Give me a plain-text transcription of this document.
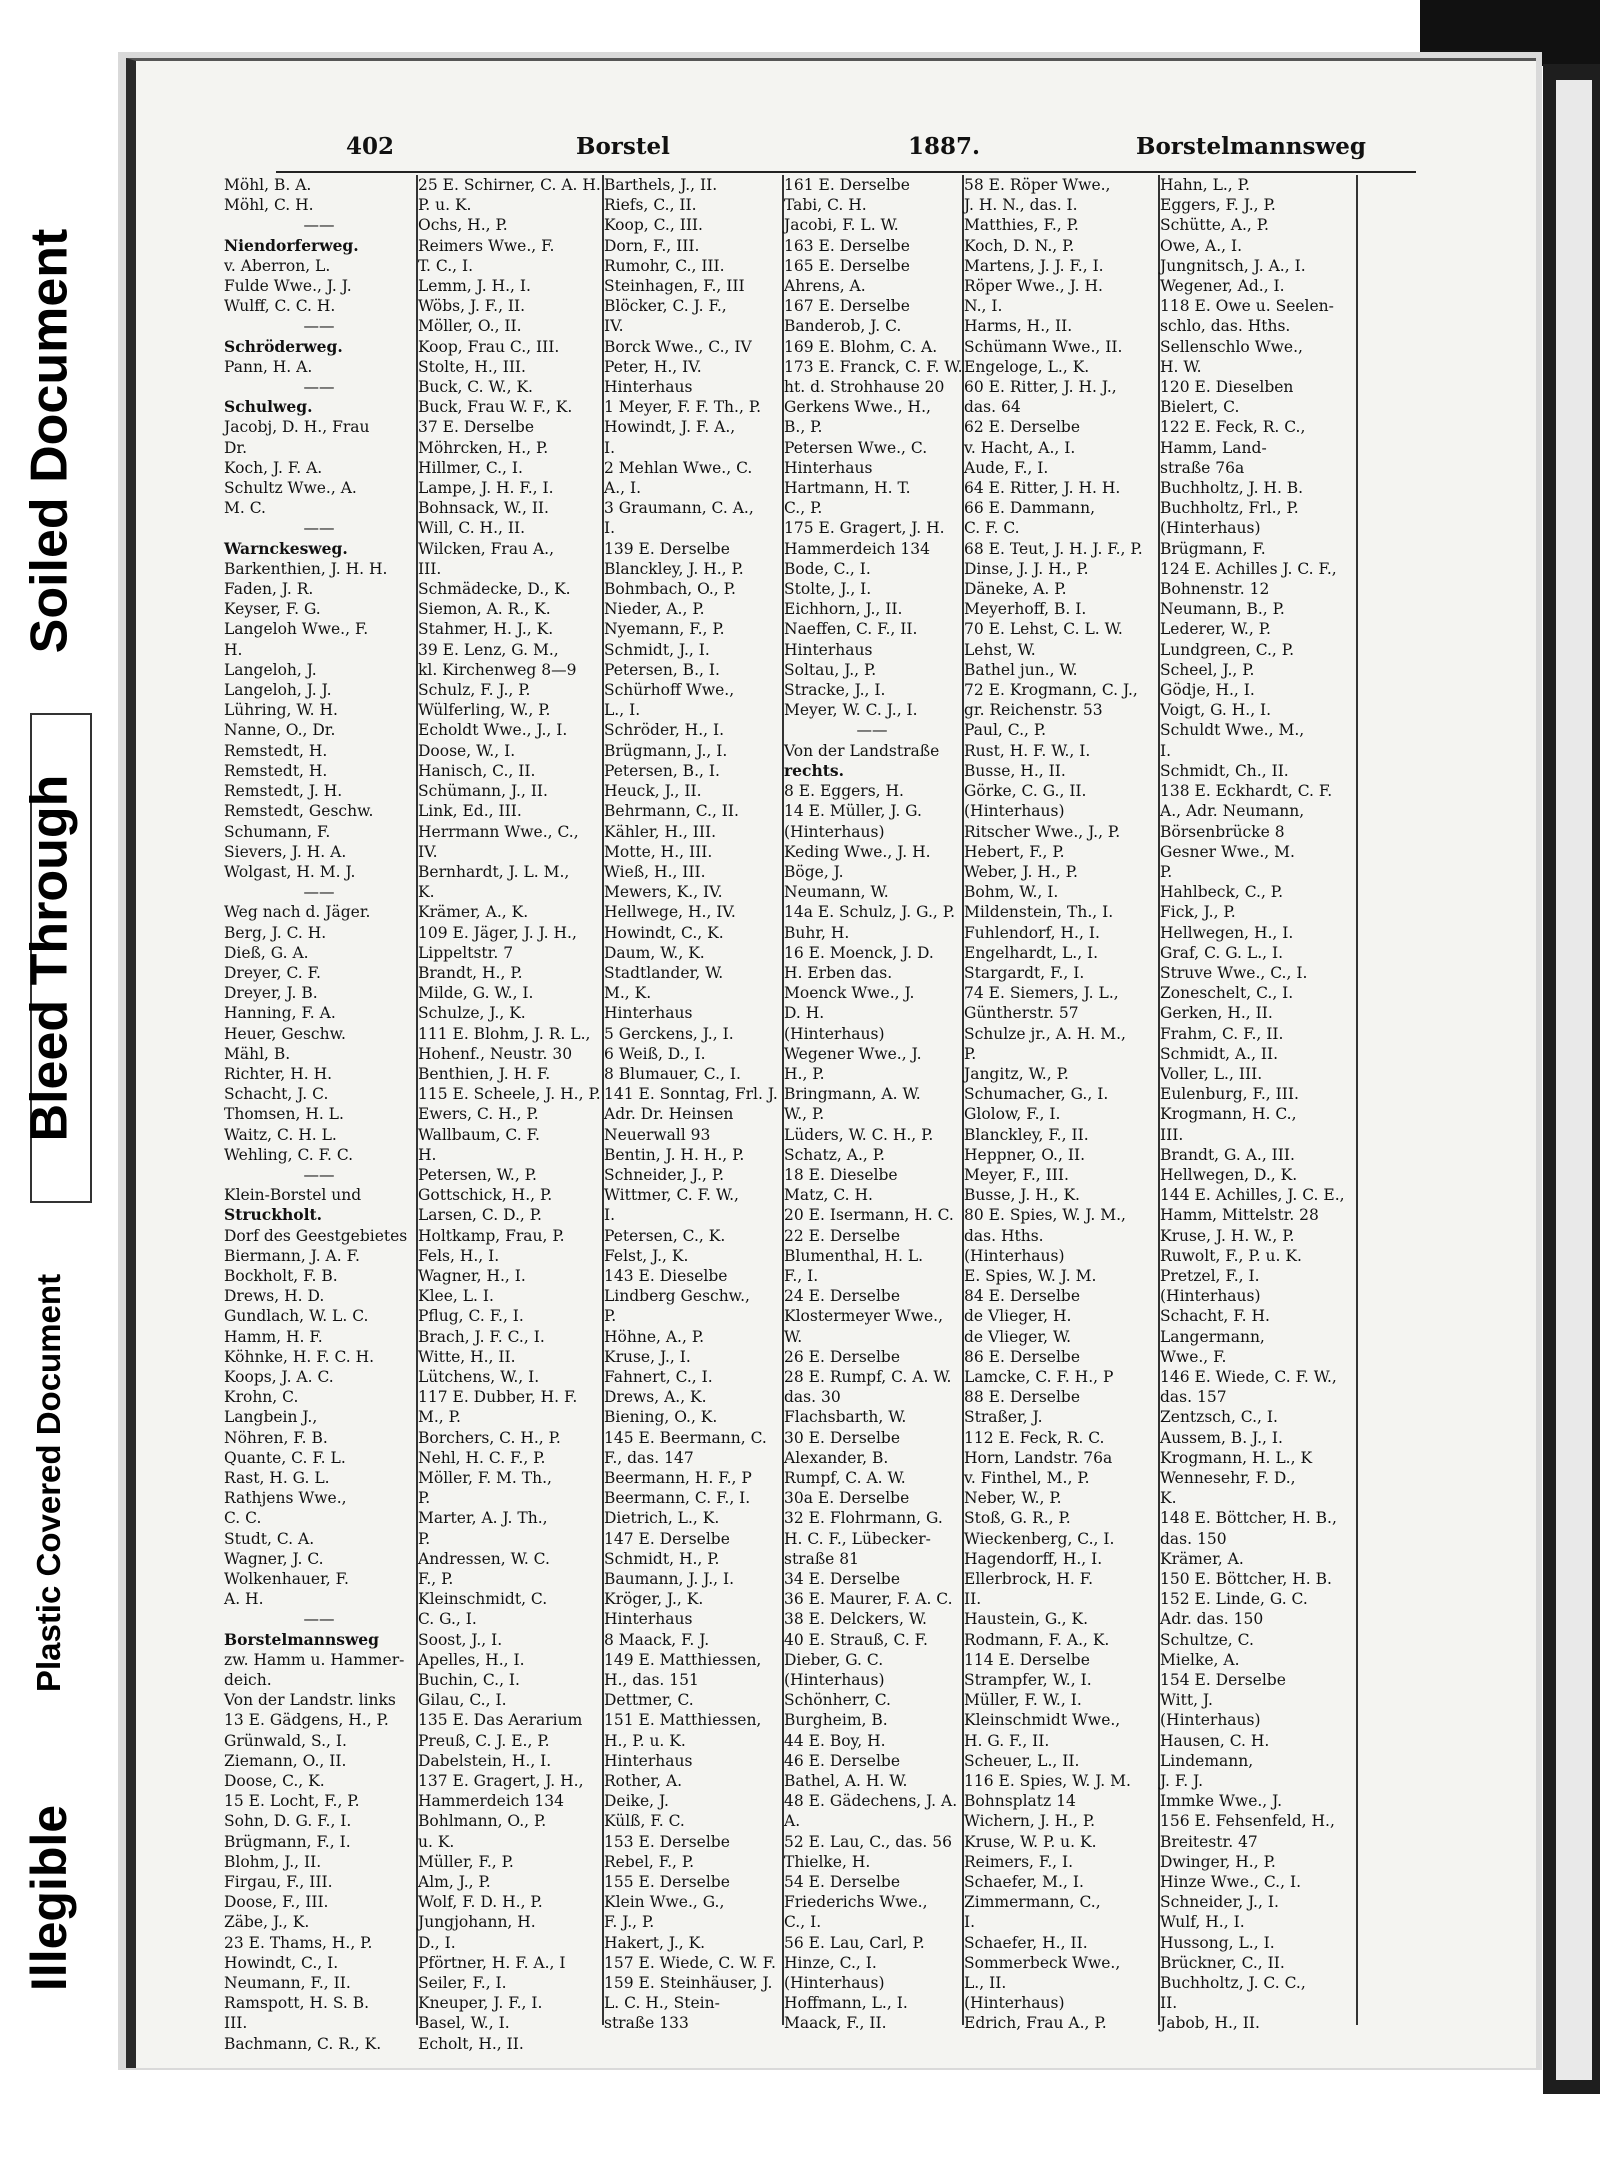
Soiled Document
Bleed Through
Plastic Covered Document
Illegible
402	Borstel	1887.	Borstelmannsweg
Möhl, B. A.
Möhl, C. H.
——
Niendorferweg.
v. Aberron, L.
Fulde Wwe., J. J.
Wulff, C. C. H.
——
Schröderweg.
Pann, H. A.
——
Schulweg.
Jacobj, D. H., Frau
Dr.
Koch, J. F. A.
Schultz Wwe., A.
M. C.
——
Warnckesweg.
Barkenthien, J. H. H.
Faden, J. R.
Keyser, F. G.
Langeloh Wwe., F.
H.
Langeloh, J.
Langeloh, J. J.
Lühring, W. H.
Nanne, O., Dr.
Remstedt, H.
Remstedt, H.
Remstedt, J. H.
Remstedt, Geschw.
Schumann, F.
Sievers, J. H. A.
Wolgast, H. M. J.
——
Weg nach d. Jäger.
Berg, J. C. H.
Dieß, G. A.
Dreyer, C. F.
Dreyer, J. B.
Hanning, F. A.
Heuer, Geschw.
Mähl, B.
Richter, H. H.
Schacht, J. C.
Thomsen, H. L.
Waitz, C. H. L.
Wehling, C. F. C.
——
Klein-Borstel und
Struckholt.
Dorf des Geestgebietes
Biermann, J. A. F.
Bockholt, F. B.
Drews, H. D.
Gundlach, W. L. C.
Hamm, H. F.
Köhnke, H. F. C. H.
Koops, J. A. C.
Krohn, C.
Langbein J.,
Nöhren, F. B.
Quante, C. F. L.
Rast, H. G. L.
Rathjens Wwe.,
C. C.
Studt, C. A.
Wagner, J. C.
Wolkenhauer, F.
A. H.
——
Borstelmannsweg
zw. Hamm u. Hammer-
deich.
Von der Landstr. links
13 E. Gädgens, H., P.
Grünwald, S., I.
Ziemann, O., II.
Doose, C., K.
15 E. Locht, F., P.
Sohn, D. G. F., I.
Brügmann, F., I.
Blohm, J., II.
Firgau, F., III.
Doose, F., III.
Zäbe, J., K.
23 E. Thams, H., P.
Howindt, C., I.
Neumann, F., II.
Ramspott, H. S. B.
III.
Bachmann, C. R., K.
25 E. Schirner, C. A. H.
P. u. K.
Ochs, H., P.
Reimers Wwe., F.
T. C., I.
Lemm, J. H., I.
Wöbs, J. F., II.
Möller, O., II.
Koop, Frau C., III.
Stolte, H., III.
Buck, C. W., K.
Buck, Frau W. F., K.
37 E. Derselbe
Möhrcken, H., P.
Hillmer, C., I.
Lampe, J. H. F., I.
Bohnsack, W., II.
Will, C. H., II.
Wilcken, Frau A.,
III.
Schmädecke, D., K.
Siemon, A. R., K.
Stahmer, H. J., K.
39 E. Lenz, G. M.,
kl. Kirchenweg 8—9
Schulz, F. J., P.
Wülferling, W., P.
Echoldt Wwe., J., I.
Doose, W., I.
Hanisch, C., II.
Schümann, J., II.
Link, Ed., III.
Herrmann Wwe., C.,
IV.
Bernhardt, J. L. M.,
K.
Krämer, A., K.
109 E. Jäger, J. J. H.,
Lippeltstr. 7
Brandt, H., P.
Milde, G. W., I.
Schulze, J., K.
111 E. Blohm, J. R. L.,
Hohenf., Neustr. 30
Benthien, J. H. F.
115 E. Scheele, J. H., P.
Ewers, C. H., P.
Wallbaum, C. F.
H.
Petersen, W., P.
Gottschick, H., P.
Larsen, C. D., P.
Holtkamp, Frau, P.
Fels, H., I.
Wagner, H., I.
Klee, L. I.
Pflug, C. F., I.
Brach, J. F. C., I.
Witte, H., II.
Lütchens, W., I.
117 E. Dubber, H. F.
M., P.
Borchers, C. H., P.
Nehl, H. C. F., P.
Möller, F. M. Th.,
P.
Marter, A. J. Th.,
P.
Andressen, W. C.
F., P.
Kleinschmidt, C.
C. G., I.
Soost, J., I.
Apelles, H., I.
Buchin, C., I.
Gilau, C., I.
135 E. Das Aerarium
Preuß, C. J. E., P.
Dabelstein, H., I.
137 E. Gragert, J. H.,
Hammerdeich 134
Bohlmann, O., P.
u. K.
Müller, F., P.
Alm, J., P.
Wolf, F. D. H., P.
Jungjohann, H.
D., I.
Pförtner, H. F. A., I
Seiler, F., I.
Kneuper, J. F., I.
Basel, W., I.
Echolt, H., II.
Barthels, J., II.
Riefs, C., II.
Koop, C., III.
Dorn, F., III.
Rumohr, C., III.
Steinhagen, F., III
Blöcker, C. J. F.,
IV.
Borck Wwe., C., IV
Peter, H., IV.
Hinterhaus
1 Meyer, F. F. Th., P.
Howindt, J. F. A.,
I.
2 Mehlan Wwe., C.
A., I.
3 Graumann, C. A.,
I.
139 E. Derselbe
Blanckley, J. H., P.
Bohmbach, O., P.
Nieder, A., P.
Nyemann, F., P.
Schmidt, J., I.
Petersen, B., I.
Schürhoff Wwe.,
L., I.
Schröder, H., I.
Brügmann, J., I.
Petersen, B., I.
Heuck, J., II.
Behrmann, C., II.
Kähler, H., III.
Motte, H., III.
Wieß, H., III.
Mewers, K., IV.
Hellwege, H., IV.
Howindt, C., K.
Daum, W., K.
Stadtlander, W.
M., K.
Hinterhaus
5 Gerckens, J., I.
6 Weiß, D., I.
8 Blumauer, C., I.
141 E. Sonntag, Frl. J.
Adr. Dr. Heinsen
Neuerwall 93
Bentin, J. H. H., P.
Schneider, J., P.
Wittmer, C. F. W.,
I.
Petersen, C., K.
Felst, J., K.
143 E. Dieselbe
Lindberg Geschw.,
P.
Höhne, A., P.
Kruse, J., I.
Fahnert, C., I.
Drews, A., K.
Biening, O., K.
145 E. Beermann, C.
F., das. 147
Beermann, H. F., P
Beermann, C. F., I.
Dietrich, L., K.
147 E. Derselbe
Schmidt, H., P.
Baumann, J. J., I.
Kröger, J., K.
Hinterhaus
8 Maack, F. J.
149 E. Matthiessen,
H., das. 151
Dettmer, C.
151 E. Matthiessen,
H., P. u. K.
Hinterhaus
Rother, A.
Deike, J.
Külß, F. C.
153 E. Derselbe
Rebel, F., P.
155 E. Derselbe
Klein Wwe., G.,
F. J., P.
Hakert, J., K.
157 E. Wiede, C. W. F.
159 E. Steinhäuser, J.
L. C. H., Stein-
straße 133
161 E. Derselbe
Tabi, C. H.
Jacobi, F. L. W.
163 E. Derselbe
165 E. Derselbe
Ahrens, A.
167 E. Derselbe
Banderob, J. C.
169 E. Blohm, C. A.
173 E. Franck, C. F. W.
ht. d. Strohhause 20
Gerkens Wwe., H.,
B., P.
Petersen Wwe., C.
Hinterhaus
Hartmann, H. T.
C., P.
175 E. Gragert, J. H.
Hammerdeich 134
Bode, C., I.
Stolte, J., I.
Eichhorn, J., II.
Naeffen, C. F., II.
Hinterhaus
Soltau, J., P.
Stracke, J., I.
Meyer, W. C. J., I.
——
Von der Landstraße
rechts.
8 E. Eggers, H.
14 E. Müller, J. G.
(Hinterhaus)
Keding Wwe., J. H.
Böge, J.
Neumann, W.
14a E. Schulz, J. G., P.
Buhr, H.
16 E. Moenck, J. D.
H. Erben das.
Moenck Wwe., J.
D. H.
(Hinterhaus)
Wegener Wwe., J.
H., P.
Bringmann, A. W.
W., P.
Lüders, W. C. H., P.
Schatz, A., P.
18 E. Dieselbe
Matz, C. H.
20 E. Isermann, H. C.
22 E. Derselbe
Blumenthal, H. L.
F., I.
24 E. Derselbe
Klostermeyer Wwe.,
W.
26 E. Derselbe
28 E. Rumpf, C. A. W.
das. 30
Flachsbarth, W.
30 E. Derselbe
Alexander, B.
Rumpf, C. A. W.
30a E. Derselbe
32 E. Flohrmann, G.
H. C. F., Lübecker-
straße 81
34 E. Derselbe
36 E. Maurer, F. A. C.
38 E. Delckers, W.
40 E. Strauß, C. F.
Dieber, G. C.
(Hinterhaus)
Schönherr, C.
Burgheim, B.
44 E. Boy, H.
46 E. Derselbe
Bathel, A. H. W.
48 E. Gädechens, J. A.
A.
52 E. Lau, C., das. 56
Thielke, H.
54 E. Derselbe
Friederichs Wwe.,
C., I.
56 E. Lau, Carl, P.
Hinze, C., I.
(Hinterhaus)
Hoffmann, L., I.
Maack, F., II.
58 E. Röper Wwe.,
J. H. N., das. I.
Matthies, F., P.
Koch, D. N., P.
Martens, J. J. F., I.
Röper Wwe., J. H.
N., I.
Harms, H., II.
Schümann Wwe., II.
Engeloge, L., K.
60 E. Ritter, J. H. J.,
das. 64
62 E. Derselbe
v. Hacht, A., I.
Aude, F., I.
64 E. Ritter, J. H. H.
66 E. Dammann,
C. F. C.
68 E. Teut, J. H. J. F., P.
Dinse, J. J. H., P.
Däneke, A. P.
Meyerhoff, B. I.
70 E. Lehst, C. L. W.
Lehst, W.
Bathel jun., W.
72 E. Krogmann, C. J.,
gr. Reichenstr. 53
Paul, C., P.
Rust, H. F. W., I.
Busse, H., II.
Görke, C. G., II.
(Hinterhaus)
Ritscher Wwe., J., P.
Hebert, F., P.
Weber, J. H., P.
Bohm, W., I.
Mildenstein, Th., I.
Fuhlendorf, H., I.
Engelhardt, L., I.
Stargardt, F., I.
74 E. Siemers, J. L.,
Güntherstr. 57
Schulze jr., A. H. M.,
P.
Jangitz, W., P.
Schumacher, G., I.
Glolow, F., I.
Blanckley, F., II.
Heppner, O., II.
Meyer, F., III.
Busse, J. H., K.
80 E. Spies, W. J. M.,
das. Hths.
(Hinterhaus)
E. Spies, W. J. M.
84 E. Derselbe
de Vlieger, H.
de Vlieger, W.
86 E. Derselbe
Lamcke, C. F. H., P
88 E. Derselbe
Straßer, J.
112 E. Feck, R. C.
Horn, Landstr. 76a
v. Finthel, M., P.
Neber, W., P.
Stoß, G. R., P.
Wieckenberg, C., I.
Hagendorff, H., I.
Ellerbrock, H. F.
II.
Haustein, G., K.
Rodmann, F. A., K.
114 E. Derselbe
Strampfer, W., I.
Müller, F. W., I.
Kleinschmidt Wwe.,
H. G. F., II.
Scheuer, L., II.
116 E. Spies, W. J. M.
Bohnsplatz 14
Wichern, J. H., P.
Kruse, W. P. u. K.
Reimers, F., I.
Schaefer, M., I.
Zimmermann, C.,
I.
Schaefer, H., II.
Sommerbeck Wwe.,
L., II.
(Hinterhaus)
Edrich, Frau A., P.
Hahn, L., P.
Eggers, F. J., P.
Schütte, A., P.
Owe, A., I.
Jungnitsch, J. A., I.
Wegener, Ad., I.
118 E. Owe u. Seelen-
schlo, das. Hths.
Sellenschlo Wwe.,
H. W.
120 E. Dieselben
Bielert, C.
122 E. Feck, R. C.,
Hamm, Land-
straße 76a
Buchholtz, J. H. B.
Buchholtz, Frl., P.
(Hinterhaus)
Brügmann, F.
124 E. Achilles J. C. F.,
Bohnenstr. 12
Neumann, B., P.
Lederer, W., P.
Lundgreen, C., P.
Scheel, J., P.
Gödje, H., I.
Voigt, G. H., I.
Schuldt Wwe., M.,
I.
Schmidt, Ch., II.
138 E. Eckhardt, C. F.
A., Adr. Neumann,
Börsenbrücke 8
Gesner Wwe., M.
P.
Hahlbeck, C., P.
Fick, J., P.
Hellwegen, H., I.
Graf, C. G. L., I.
Struve Wwe., C., I.
Zoneschelt, C., I.
Gerken, H., II.
Frahm, C. F., II.
Schmidt, A., II.
Voller, L., III.
Eulenburg, F., III.
Krogmann, H. C.,
III.
Brandt, G. A., III.
Hellwegen, D., K.
144 E. Achilles, J. C. E.,
Hamm, Mittelstr. 28
Kruse, J. H. W., P.
Ruwolt, F., P. u. K.
Pretzel, F., I.
(Hinterhaus)
Schacht, F. H.
Langermann,
Wwe., F.
146 E. Wiede, C. F. W.,
das. 157
Zentzsch, C., I.
Aussem, B. J., I.
Krogmann, H. L., K
Wennesehr, F. D.,
K.
148 E. Böttcher, H. B.,
das. 150
Krämer, A.
150 E. Böttcher, H. B.
152 E. Linde, G. C.
Adr. das. 150
Schultze, C.
Mielke, A.
154 E. Derselbe
Witt, J.
(Hinterhaus)
Hausen, C. H.
Lindemann,
J. F. J.
Immke Wwe., J.
156 E. Fehsenfeld, H.,
Breitestr. 47
Dwinger, H., P.
Hinze Wwe., C., I.
Schneider, J., I.
Wulf, H., I.
Hussong, L., I.
Brückner, C., II.
Buchholtz, J. C. C.,
II.
Jabob, H., II.
